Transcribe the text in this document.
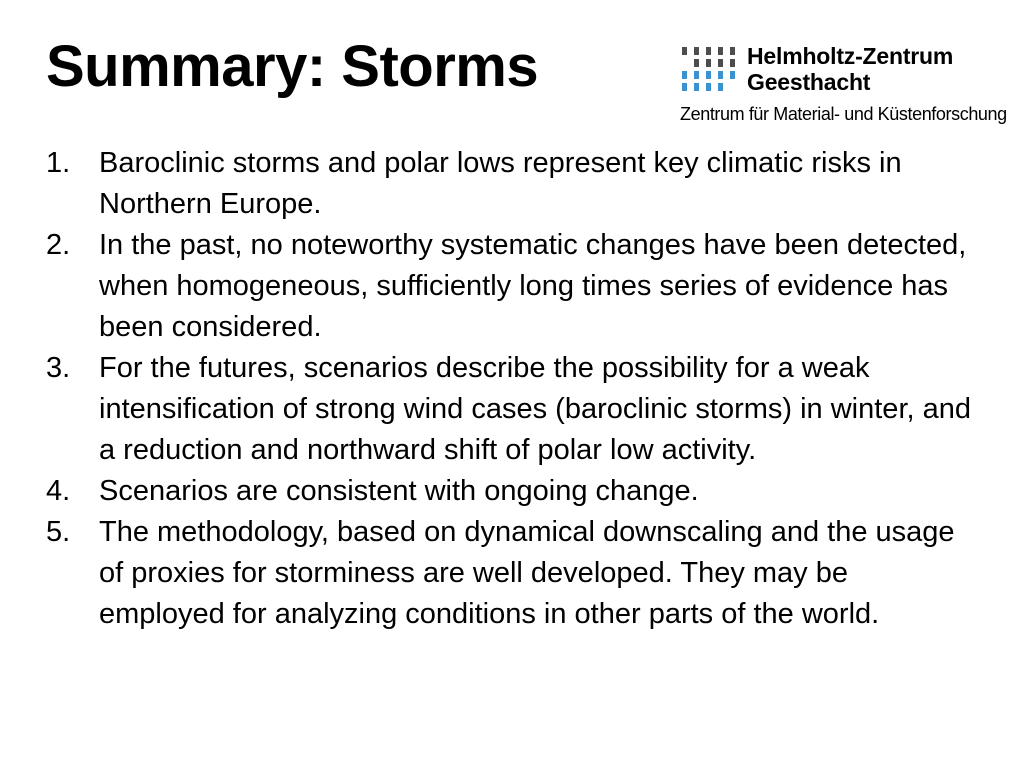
Summary: Storms	Helmholtz-Zentrum
Geesthacht
Zentrum für Material- und Küstenforschung
1. Baroclinic storms and polar lows represent key climatic risks in Northern Europe.
2. In the past, no noteworthy systematic changes have been detected, when homogeneous, sufficiently long times series of evidence has been considered.
3. For the futures, scenarios describe the possibility for a weak intensification of strong wind cases (baroclinic storms) in winter, and a reduction and northward shift of polar low activity.
4. Scenarios are consistent with ongoing change.
5. The methodology, based on dynamical downscaling and the usage of proxies for storminess are well developed. They may be employed for analyzing conditions in other parts of the world.
